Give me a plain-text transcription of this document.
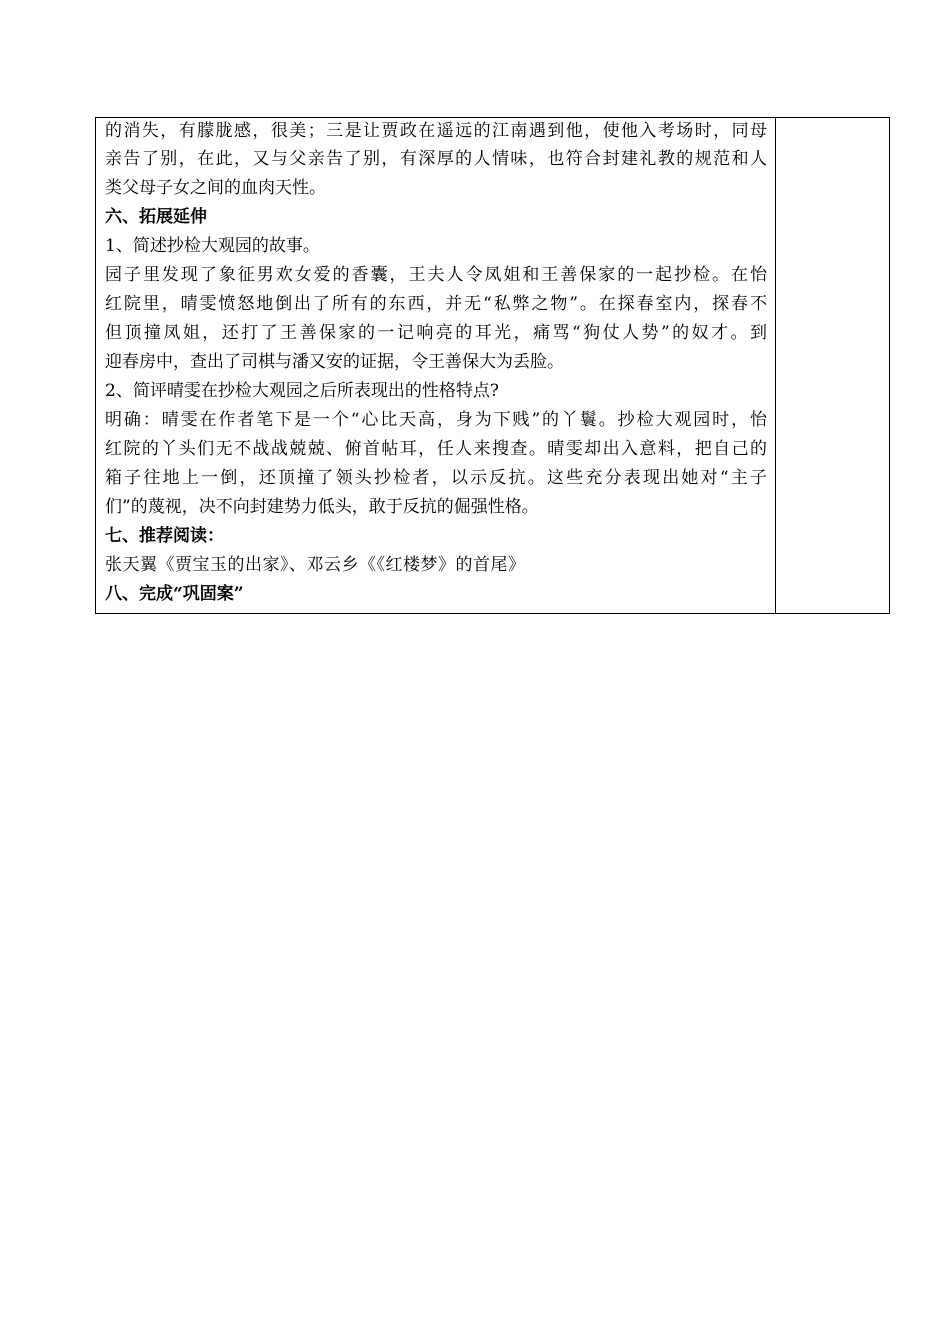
的消失，有朦胧感，很美；三是让贾政在遥远的江南遇到他，使他入考场时，同母
亲告了别，在此，又与父亲告了别，有深厚的人情味，也符合封建礼教的规范和人
类父母子女之间的血肉天性。
六、拓展延伸
1、简述抄检大观园的故事。
园子里发现了象征男欢女爱的香囊，王夫人令凤姐和王善保家的一起抄检。在怡
红院里，晴雯愤怒地倒出了所有的东西，并无“私弊之物”。在探春室内，探春不
但顶撞凤姐，还打了王善保家的一记响亮的耳光，痛骂“狗仗人势”的奴才。到
迎春房中，查出了司棋与潘又安的证据，令王善保大为丢脸。
2、简评晴雯在抄检大观园之后所表现出的性格特点?
明确：晴雯在作者笔下是一个“心比天高，身为下贱”的丫鬟。抄检大观园时，怡
红院的丫头们无不战战兢兢、俯首帖耳，任人来搜查。晴雯却出入意料，把自己的
箱子往地上一倒，还顶撞了领头抄检者，以示反抗。这些充分表现出她对“主子
们”的蔑视，决不向封建势力低头，敢于反抗的倔强性格。
七、推荐阅读：
张天翼《贾宝玉的出家》、邓云乡《《红楼梦》的首尾》
八、完成“巩固案”
